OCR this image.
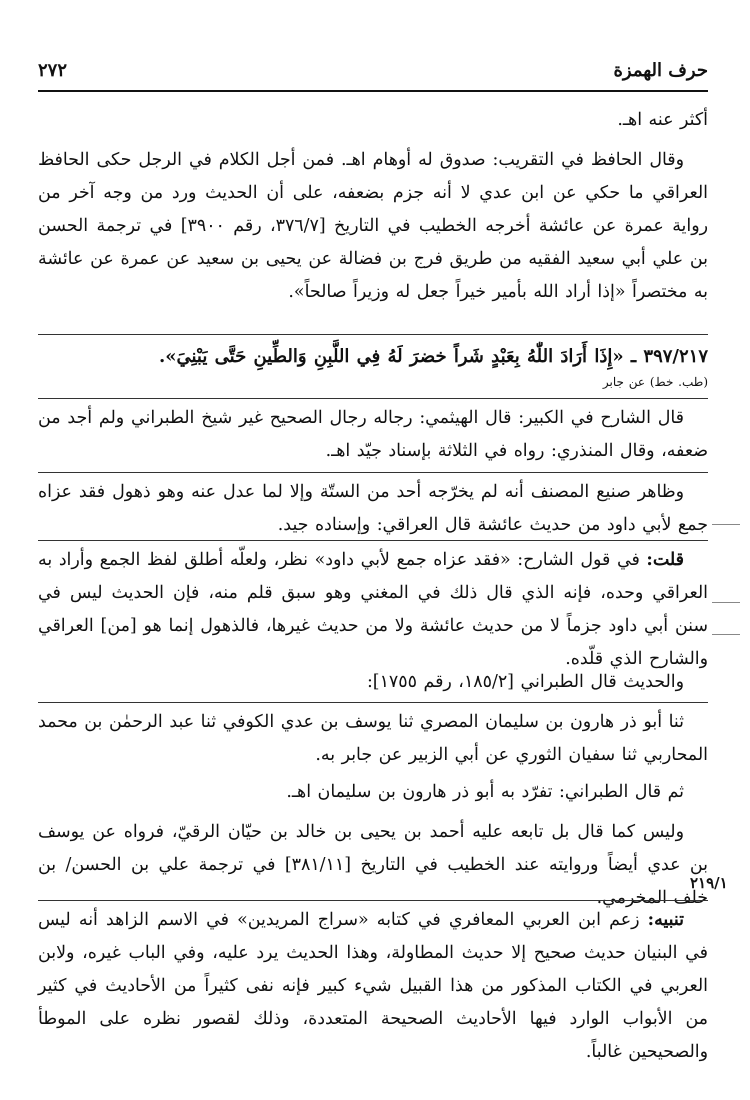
٢٧٢	حرف الهمزة

أكثر عنه اهـ.

وقال الحافظ في التقريب: صدوق له أوهام اهـ. فمن أجل الكلام في الرجل حكى الحافظ العراقي ما حكي عن ابن عدي لا أنه جزم بضعفه، على أن الحديث ورد من وجه آخر من رواية عمرة عن عائشة أخرجه الخطيب في التاريخ [٣٧٦/٧، رقم ٣٩٠٠] في ترجمة الحسن بن علي أبي سعيد الفقيه من طريق فرج بن فضالة عن يحيى بن سعيد عن عمرة عن عائشة به مختصراً «إذا أراد الله بأمير خيراً جعل له وزيراً صالحاً».

٣٩٧/٢١٧ ـ «إِذَا أَرَادَ اللّٰهُ بِعَبْدٍ شَراً خضرَ لَهُ فِي اللَّبِنِ وَالطِّينِ حَتَّى يَبْنِيَ».

(طب. خط) عن جابر

قال الشارح في الكبير: قال الهيثمي: رجاله رجال الصحيح غير شيخ الطبراني ولم أجد من ضعفه، وقال المنذري: رواه في الثلاثة بإسناد جيّد اهـ.

وظاهر صنيع المصنف أنه لم يخرّجه أحد من الستّة وإلا لما عدل عنه وهو ذهول فقد عزاه جمع لأبي داود من حديث عائشة قال العراقي: وإسناده جيد.

قلت: في قول الشارح: «فقد عزاه جمع لأبي داود» نظر، ولعلّه أطلق لفظ الجمع وأراد به العراقي وحده، فإنه الذي قال ذلك في المغني وهو سبق قلم منه، فإن الحديث ليس في سنن أبي داود جزماً لا من حديث عائشة ولا من حديث غيرها، فالذهول إنما هو [من] العراقي والشارح الذي قلّده.

والحديث قال الطبراني [١٨٥/٢، رقم ١٧٥٥]:

ثنا أبو ذر هارون بن سليمان المصري ثنا يوسف بن عدي الكوفي ثنا عبد الرحمٰن بن محمد المحاربي ثنا سفيان الثوري عن أبي الزبير عن جابر به.

ثم قال الطبراني: تفرّد به أبو ذر هارون بن سليمان اهـ.

وليس كما قال بل تابعه عليه أحمد بن يحيى بن خالد بن حيّان الرقيّ، فرواه عن يوسف بن عدي أيضاً وروايته عند الخطيب في التاريخ [٣٨١/١١] في ترجمة علي بن الحسن/ بن خلف المخرمي.

٢١٩/١

تنبيه: زعم ابن العربي المعافري في كتابه «سراج المريدين» في الاسم الزاهد أنه ليس في البنيان حديث صحيح إلا حديث المطاولة، وهذا الحديث يرد عليه، وفي الباب غيره، ولابن العربي في الكتاب المذكور من هذا القبيل شيء كبير فإنه نفى كثيراً من الأحاديث في كثير من الأبواب الوارد فيها الأحاديث الصحيحة المتعددة، وذلك لقصور نظره على الموطأ والصحيحين غالباً.
